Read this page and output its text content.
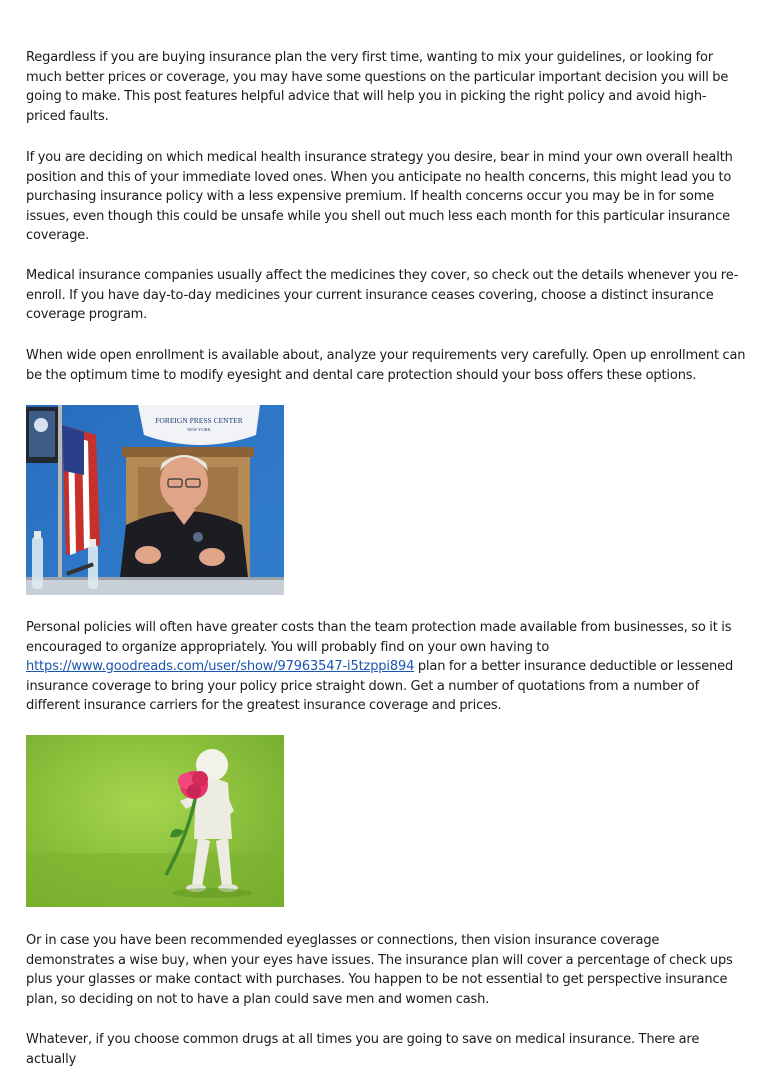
Regardless if you are buying insurance plan the very first time, wanting to mix your guidelines, or looking for much better prices or coverage, you may have some questions on the particular important decision you will be going to make. This post features helpful advice that will help you in picking the right policy and avoid high-priced faults.

If you are deciding on which medical health insurance strategy you desire, bear in mind your own overall health position and this of your immediate loved ones. When you anticipate no health concerns, this might lead you to purchasing insurance policy with a less expensive premium. If health concerns occur you may be in for some issues, even though this could be unsafe while you shell out much less each month for this particular insurance coverage.

Medical insurance companies usually affect the medicines they cover, so check out the details whenever you re-enroll. If you have day-to-day medicines your current insurance ceases covering, choose a distinct insurance coverage program.

When wide open enrollment is available about, analyze your requirements very carefully. Open up enrollment can be the optimum time to modify eyesight and dental care protection should your boss offers these options.

FOREIGN PRESS CENTER
NEW YORK

Personal policies will often have greater costs than the team protection made available from businesses, so it is encouraged to organize appropriately. You will probably find on your own having to https://www.goodreads.com/user/show/97963547-i5tzppi894 plan for a better insurance deductible or lessened insurance coverage to bring your policy price straight down. Get a number of quotations from a number of different insurance carriers for the greatest insurance coverage and prices.

Or in case you have been recommended eyeglasses or connections, then vision insurance coverage demonstrates a wise buy, when your eyes have issues. The insurance plan will cover a percentage of check ups plus your glasses or make contact with purchases. You happen to be not essential to get perspective insurance plan, so deciding on not to have a plan could save men and women cash.

Whatever, if you choose common drugs at all times you are going to save on medical insurance. There are actually
